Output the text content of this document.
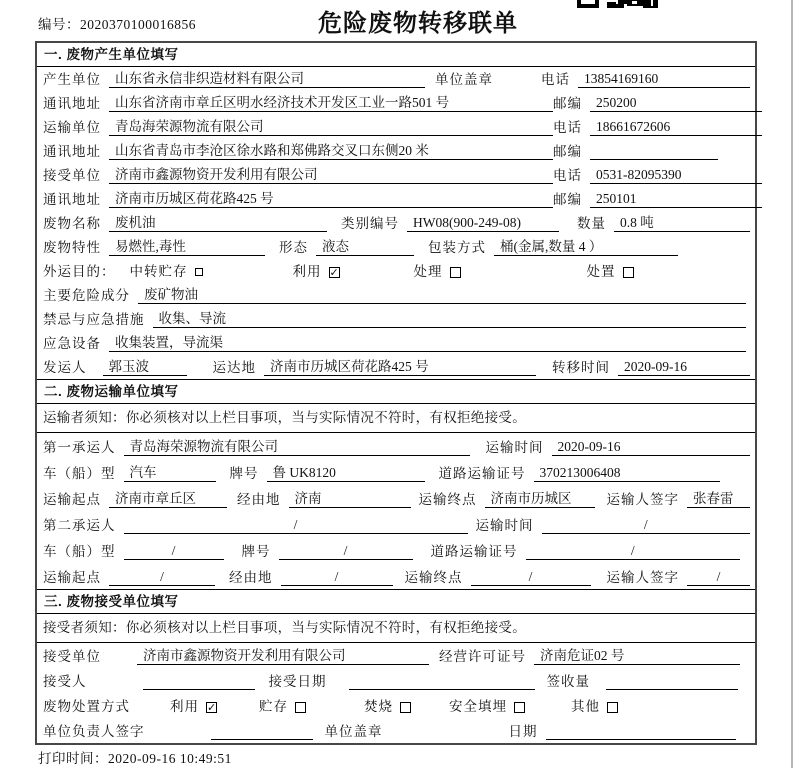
编号：2020370100016856	危险废物转移联单
一. 废物产生单位填写
产生单位	山东省永信非织造材料有限公司	单位盖章	电话	13854169160
通讯地址	山东省济南市章丘区明水经济技术开发区工业一路501 号	邮编	250200
运输单位	青岛海荣源物流有限公司	电话	18661672606
通讯地址	山东省青岛市李沧区徐水路和郑佛路交叉口东侧20 米	邮编
接受单位	济南市鑫源物资开发利用有限公司	电话	0531-82095390
通讯地址	济南市历城区荷花路425 号	邮编	250101
废物名称	废机油	类别编号	HW08(900-249-08)	数量	0.8 吨
废物特性	易燃性,毒性	形态	液态	包装方式	桶(金属,数量 4 ）
外运目的： 中转贮存	利用 ✓	处理	处置
主要危险成分	废矿物油
禁忌与应急措施	收集、导流
应急设备	收集装置，导流渠
发运人	郭玉波	运达地	济南市历城区荷花路425 号	转移时间	2020-09-16
二. 废物运输单位填写
运输者须知：你必须核对以上栏目事项，当与实际情况不符时，有权拒绝接受。
第一承运人	青岛海荣源物流有限公司	运输时间	2020-09-16
车（船）型	汽车	牌号	鲁 UK8120	道路运输证号	370213006408
运输起点	济南市章丘区	经由地	济南	运输终点	济南市历城区	运输人签字	张春雷
第二承运人	/	运输时间	/
车（船）型	/	牌号	/	道路运输证号	/
运输起点	/	经由地	/	运输终点	/	运输人签字	/
三. 废物接受单位填写
接受者须知：你必须核对以上栏目事项，当与实际情况不符时，有权拒绝接受。
接受单位	济南市鑫源物资开发利用有限公司	经营许可证号	济南危证02 号
接受人	接受日期	签收量
废物处置方式	利用 ✓	贮存	焚烧	安全填埋	其他
单位负责人签字	单位盖章	日期
打印时间：2020-09-16 10:49:51
